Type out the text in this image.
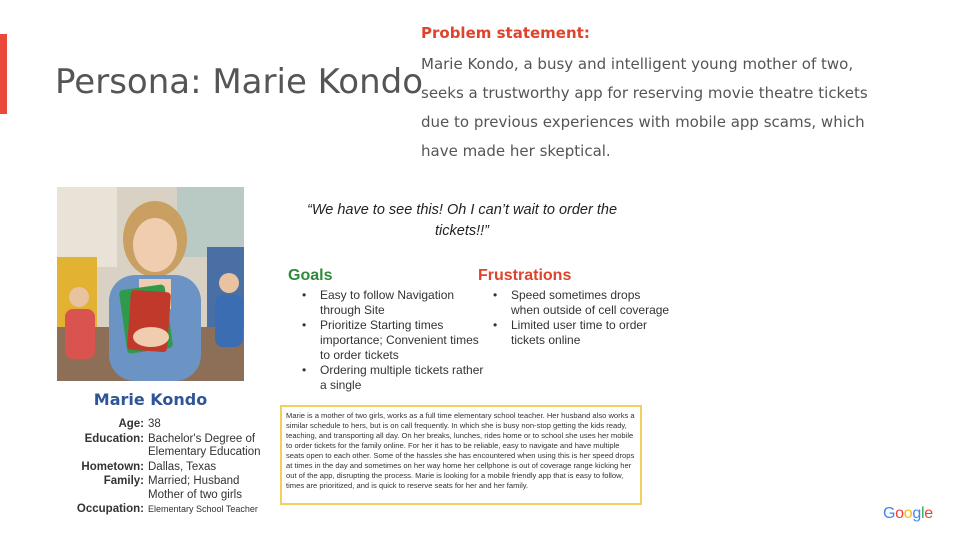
Persona: Marie Kondo
Problem statement:
Marie Kondo, a busy and intelligent young mother of two, seeks a trustworthy app for reserving movie theatre tickets due to previous experiences with mobile app scams, which have made her skeptical.
Marie Kondo
Age: 38
Education: Bachelor's Degree of Elementary Education
Hometown: Dallas, Texas
Family: Married; Husband Mother of two girls
Occupation: Elementary School Teacher
“We have to see this! Oh I can’t wait to order the tickets!!”
Goals
• Easy to follow Navigation through Site
• Prioritize Starting times importance; Convenient times to order tickets
• Ordering multiple tickets rather a single
Frustrations
• Speed sometimes drops when outside of cell coverage
• Limited user time to order tickets online
Marie is a mother of two girls, works as a full time elementary school teacher. Her husband also works a similar schedule to hers, but is on call frequently. In which she is busy non-stop getting the kids ready, teaching, and transporting all day. On her breaks, lunches, rides home or to school she uses her mobile to order tickets for the family online. For her it has to be reliable, easy to navigate and have multiple seats open to each other. Some of the hassles she has encountered when using this is her speed drops at times in the day and sometimes on her way home her cellphone is out of coverage range kicking her out of the app, disrupting the process. Marie is looking for a mobile friendly app that is easy to follow, times are prioritized, and is quick to reserve seats for her and her family.
Google
